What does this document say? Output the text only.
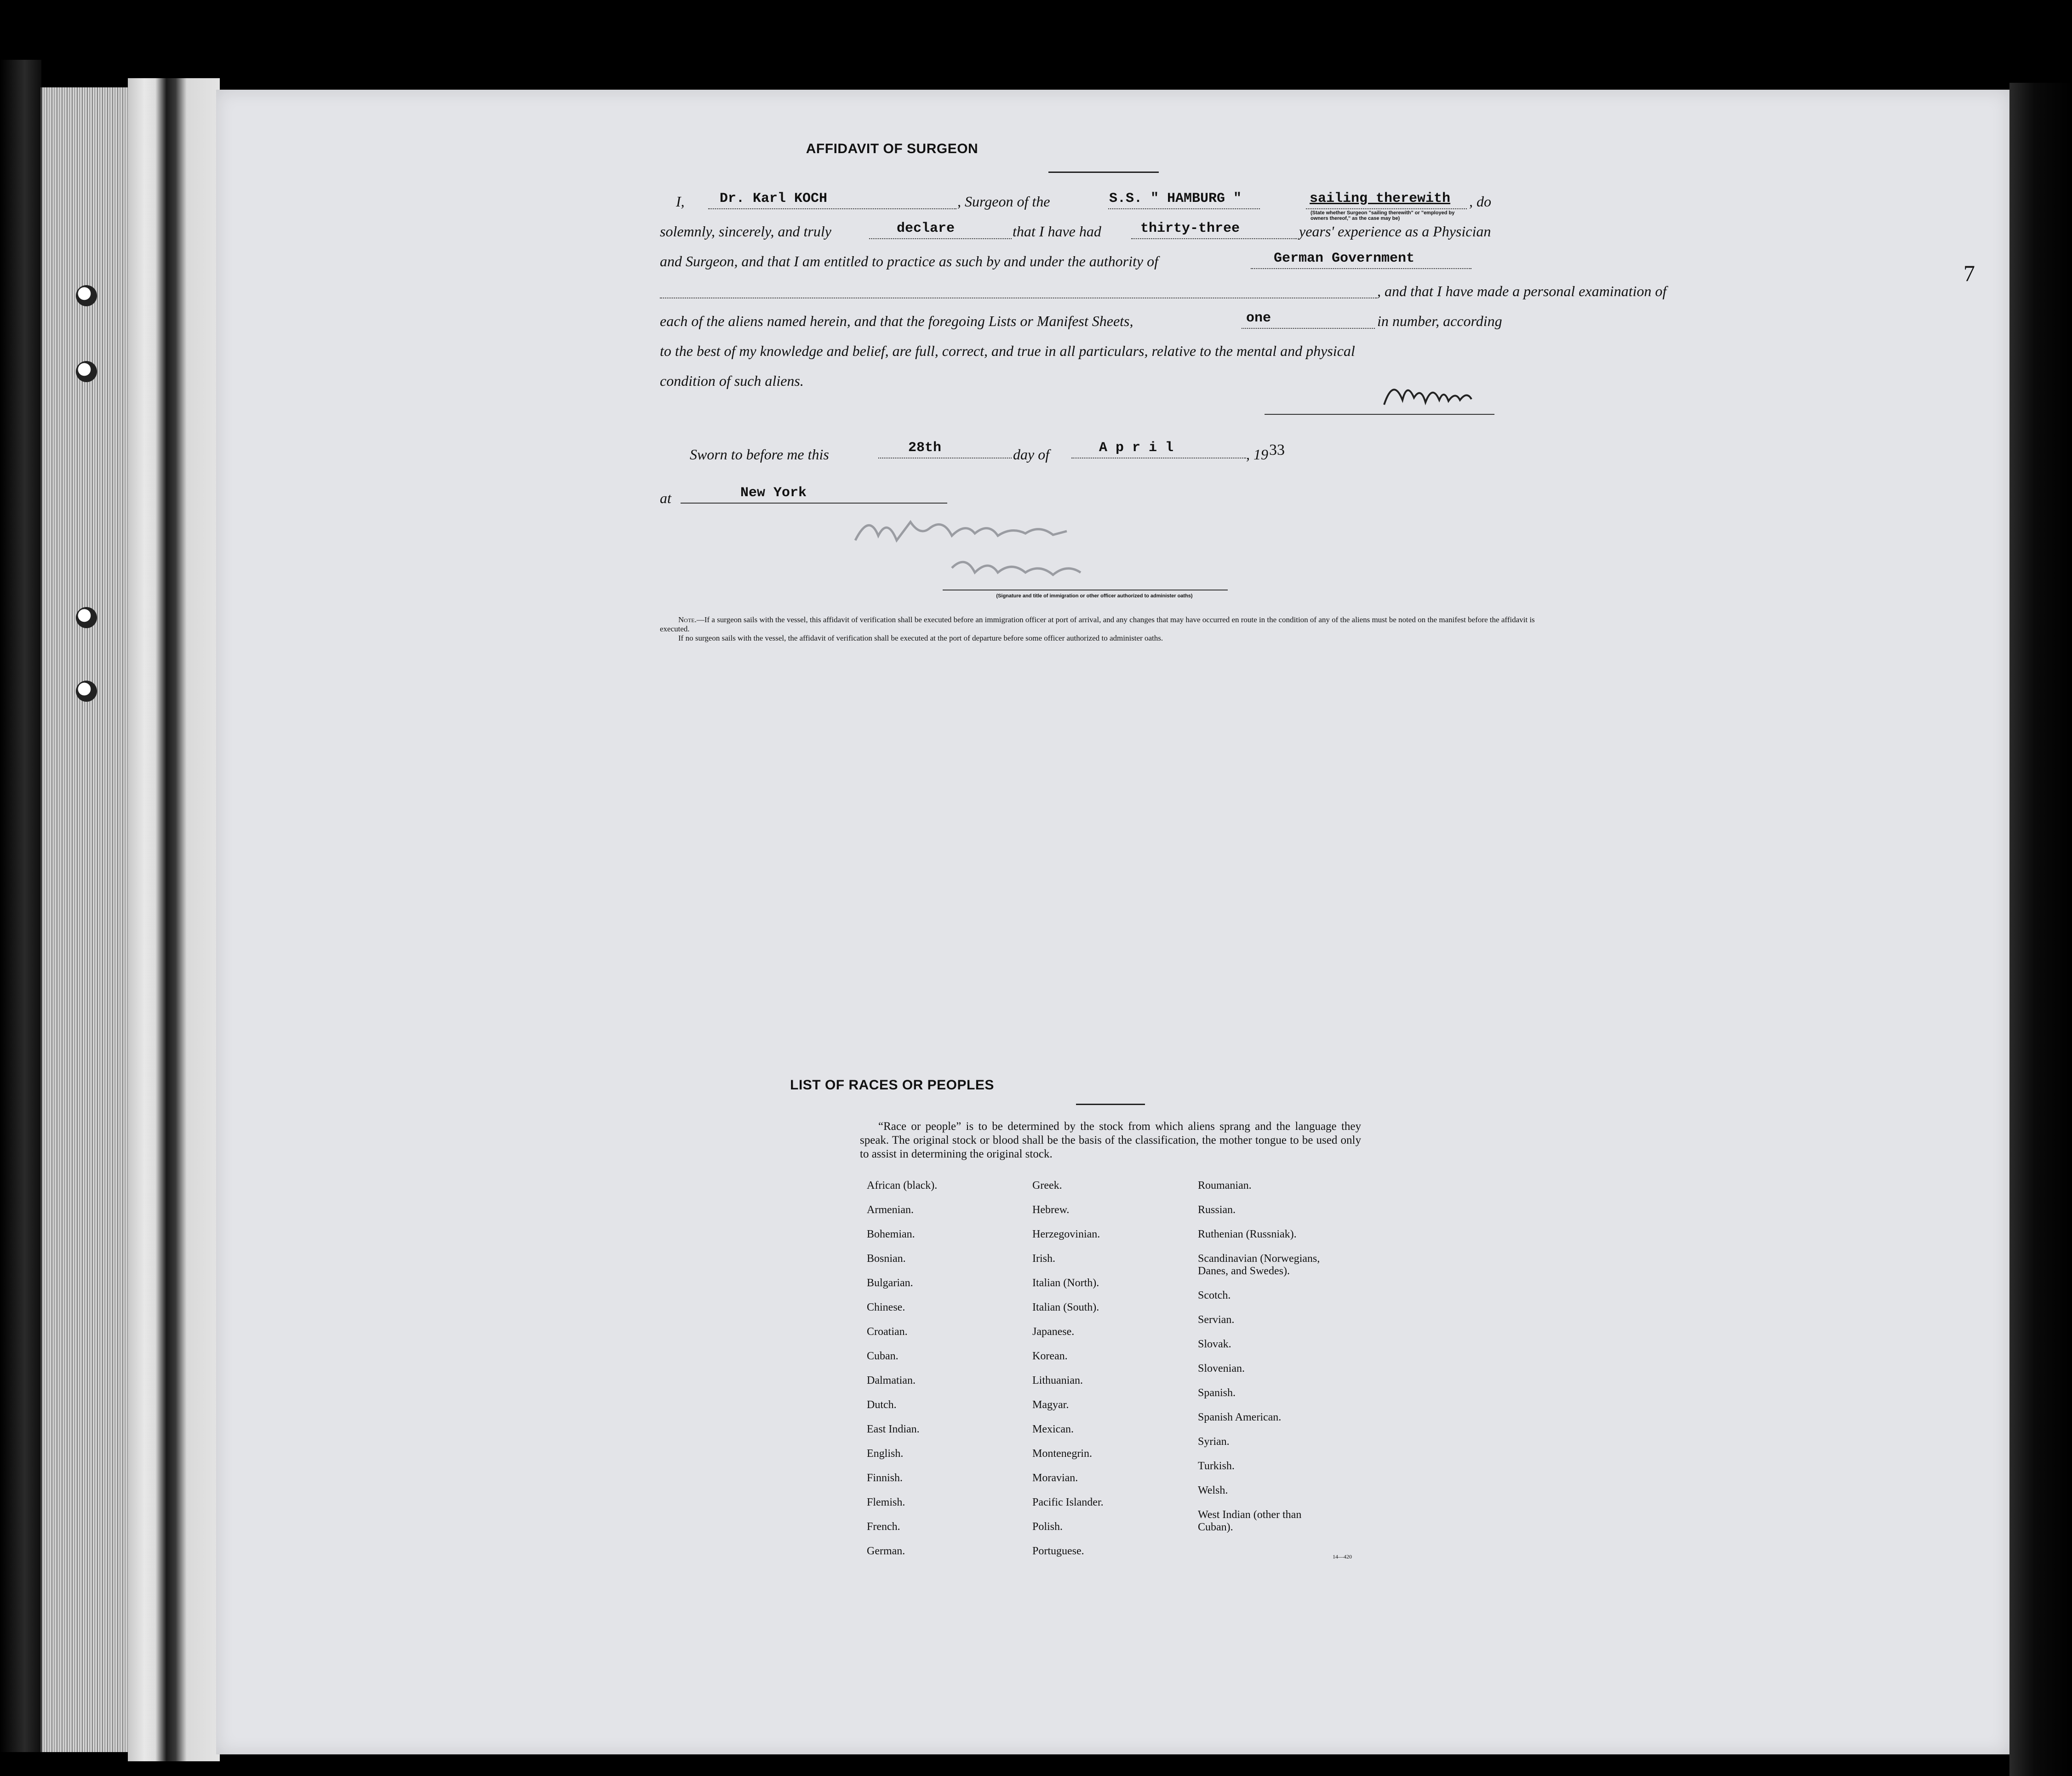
AFFIDAVIT OF SURGEON
I,	Dr. Karl KOCH	, Surgeon of the	S.S. " HAMBURG "	sailing therewith , do
(State whether Surgeon "sailing therewith" or "employed by owners thereof," as the case may be)
solemnly, sincerely, and truly	declare	that I have had	thirty-three	years' experience as a Physician
and Surgeon, and that I am entitled to practice as such by and under the authority of	German Government
, and that I have made a personal examination of
each of the aliens named herein, and that the foregoing Lists or Manifest Sheets,	one	in number, according
to the best of my knowledge and belief, are full, correct, and true in all particulars, relative to the mental and physical
condition of such aliens.
Sworn to before me this	28th	day of	A p r i l	, 19 33
at	New York
(Signature and title of immigration or other officer authorized to administer oaths)
Note.—If a surgeon sails with the vessel, this affidavit of verification shall be executed before an immigration officer at port of arrival, and any changes that may have occurred en route in the condition of any of the aliens must be noted on the manifest before the affidavit is executed.
If no surgeon sails with the vessel, the affidavit of verification shall be executed at the port of departure before some officer authorized to administer oaths.
LIST OF RACES OR PEOPLES
“Race or people” is to be determined by the stock from which aliens sprang and the language they speak. The original stock or blood shall be the basis of the classification, the mother tongue to be used only to assist in determining the original stock.
African (black).
Armenian.
Bohemian.
Bosnian.
Bulgarian.
Chinese.
Croatian.
Cuban.
Dalmatian.
Dutch.
East Indian.
English.
Finnish.
Flemish.
French.
German.
Greek.
Hebrew.
Herzegovinian.
Irish.
Italian (North).
Italian (South).
Japanese.
Korean.
Lithuanian.
Magyar.
Mexican.
Montenegrin.
Moravian.
Pacific Islander.
Polish.
Portuguese.
Roumanian.
Russian.
Ruthenian (Russniak).
Scandinavian (Norwegians,
Danes, and Swedes).
Scotch.
Servian.
Slovak.
Slovenian.
Spanish.
Spanish American.
Syrian.
Turkish.
Welsh.
West Indian (other than
Cuban).
14—420
7
